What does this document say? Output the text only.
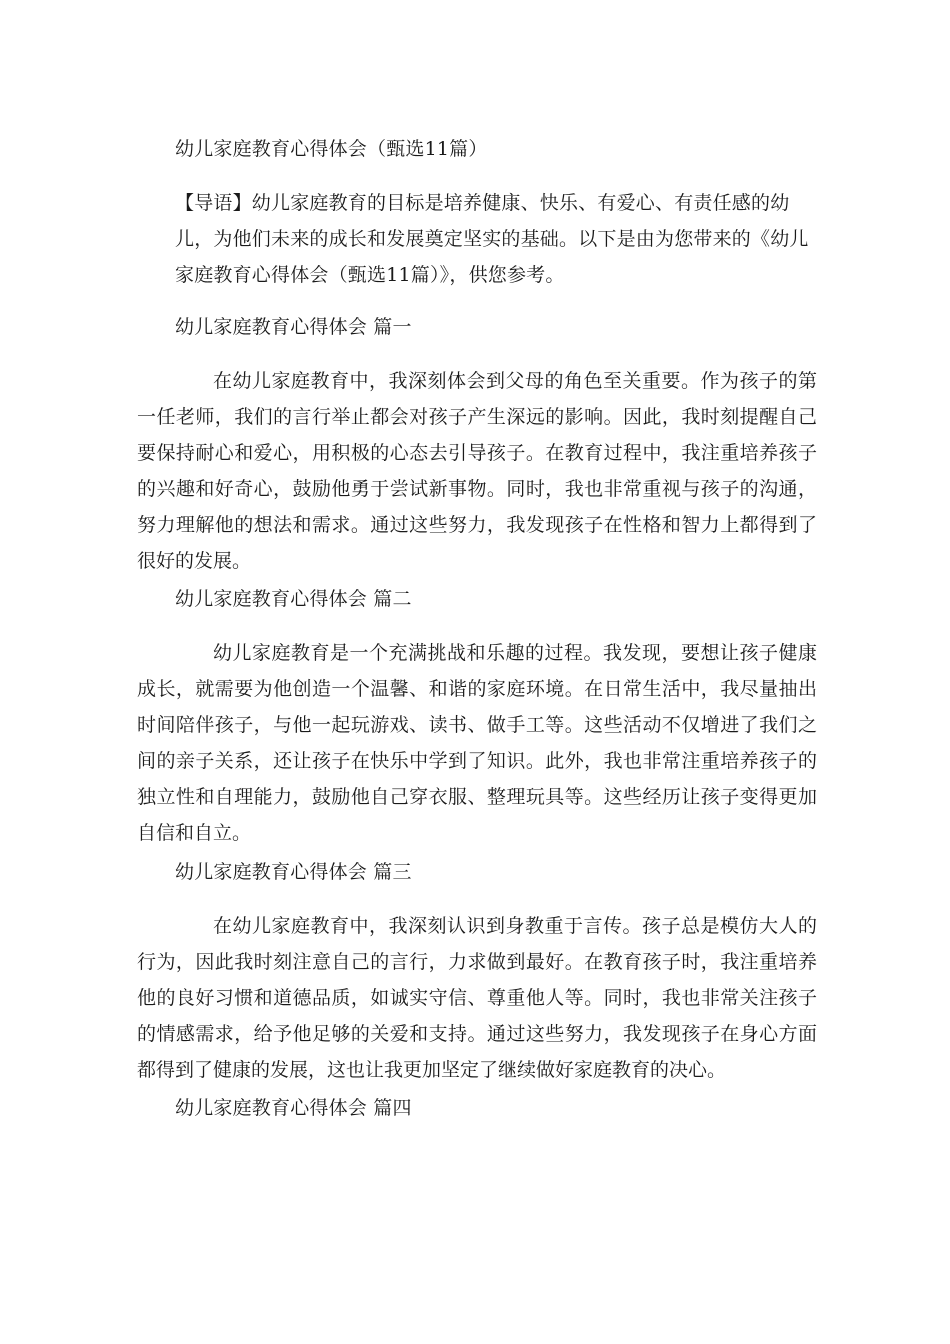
幼儿家庭教育心得体会（甄选11篇）
【导语】幼儿家庭教育的目标是培养健康、快乐、有爱心、有责任感的幼儿，为他们未来的成长和发展奠定坚实的基础。以下是由为您带来的《幼儿家庭教育心得体会（甄选11篇）》，供您参考。
幼儿家庭教育心得体会 篇一
在幼儿家庭教育中，我深刻体会到父母的角色至关重要。作为孩子的第一任老师，我们的言行举止都会对孩子产生深远的影响。因此，我时刻提醒自己要保持耐心和爱心，用积极的心态去引导孩子。在教育过程中，我注重培养孩子的兴趣和好奇心，鼓励他勇于尝试新事物。同时，我也非常重视与孩子的沟通，努力理解他的想法和需求。通过这些努力，我发现孩子在性格和智力上都得到了很好的发展。
幼儿家庭教育心得体会 篇二
幼儿家庭教育是一个充满挑战和乐趣的过程。我发现，要想让孩子健康成长，就需要为他创造一个温馨、和谐的家庭环境。在日常生活中，我尽量抽出时间陪伴孩子，与他一起玩游戏、读书、做手工等。这些活动不仅增进了我们之间的亲子关系，还让孩子在快乐中学到了知识。此外，我也非常注重培养孩子的独立性和自理能力，鼓励他自己穿衣服、整理玩具等。这些经历让孩子变得更加自信和自立。
幼儿家庭教育心得体会 篇三
在幼儿家庭教育中，我深刻认识到身教重于言传。孩子总是模仿大人的行为，因此我时刻注意自己的言行，力求做到最好。在教育孩子时，我注重培养他的良好习惯和道德品质，如诚实守信、尊重他人等。同时，我也非常关注孩子的情感需求，给予他足够的关爱和支持。通过这些努力，我发现孩子在身心方面都得到了健康的发展，这也让我更加坚定了继续做好家庭教育的决心。
幼儿家庭教育心得体会 篇四
